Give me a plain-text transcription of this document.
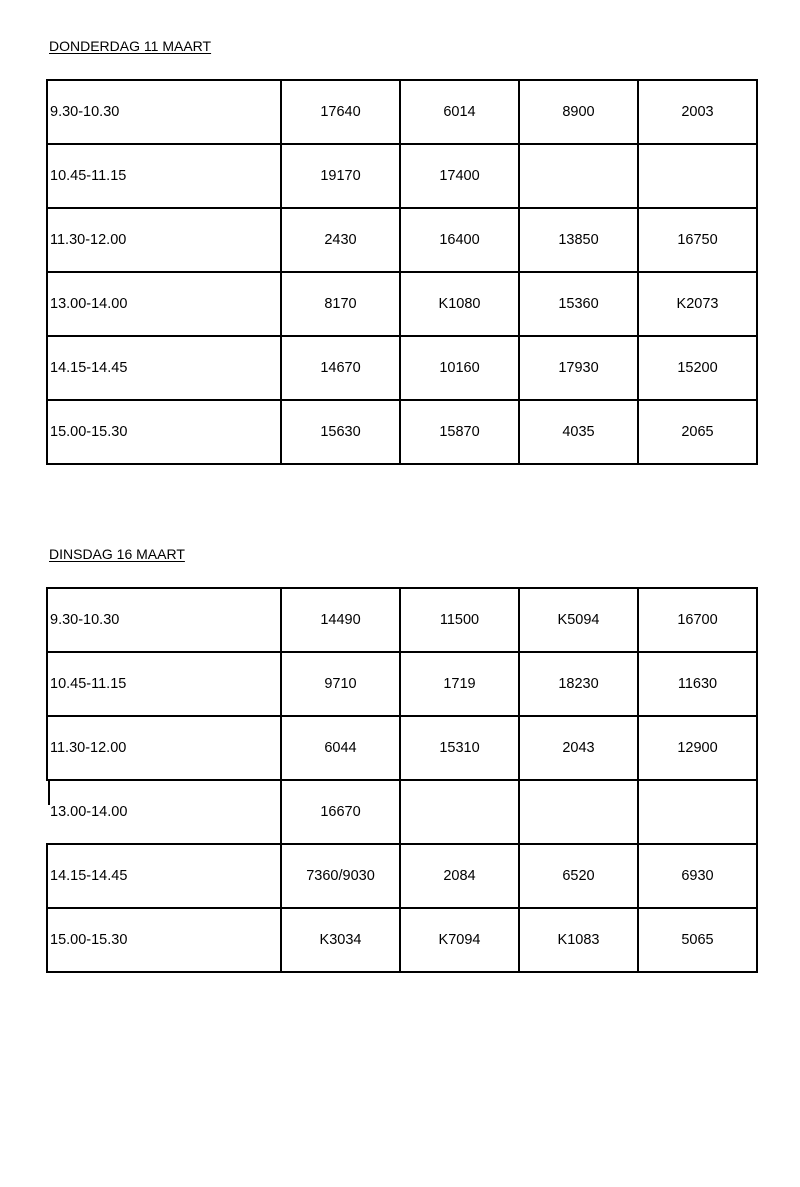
DONDERDAG 11 MAART
9.30-10.30	17640	6014	8900	2003
10.45-11.15	19170	17400		
11.30-12.00	2430	16400	13850	16750
13.00-14.00	8170	K1080	15360	K2073
14.15-14.45	14670	10160	17930	15200
15.00-15.30	15630	15870	4035	2065
DINSDAG 16 MAART
9.30-10.30	14490	11500	K5094	16700
10.45-11.15	9710	1719	18230	11630
11.30-12.00	6044	15310	2043	12900
13.00-14.00	16670			
14.15-14.45	7360/9030	2084	6520	6930
15.00-15.30	K3034	K7094	K1083	5065
